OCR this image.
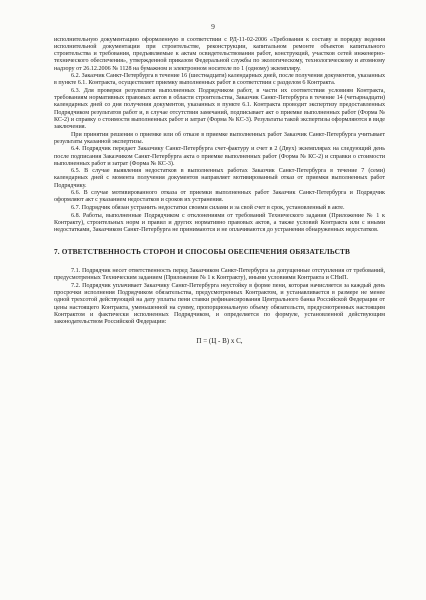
9

исполнительную документацию оформленную в соответствии с РД-11-02-2006 «Требования к составу и порядку ведения исполнительной документации при строительстве, реконструкции, капитальном ремонте объектов капитального строительства и требования, предъявляемые к актам освидетельствования работ, конструкций, участков сетей инженерно-технического обеспечения», утвержденной приказом Федеральной службы по экологическому, технологическому и атомному надзору от 26.12.2006 № 1128 на бумажном и электронном носителе по 1 (одному) экземпляру.

6.2. Заказчик Санкт-Петербурга в течение 16 (шестнадцати) календарных дней, после получения документов, указанных в пункте 6.1. Контракта, осуществляет приемку выполненных работ в соответствии с разделом 6 Контракта.

6.3. Для проверки результатов выполненных Подрядчиком работ, в части их соответствия условиям Контракта, требованиям нормативных правовых актов в области строительства, Заказчик Санкт-Петербурга в течение 14 (четырнадцати) календарных дней со дня получения документов, указанных в пункте 6.1. Контракта проводит экспертизу предоставленных Подрядчиком результатов работ и, в случае отсутствия замечаний, подписывает акт о приемке выполненных работ (Форма № КС-2) и справку о стоимости выполненных работ и затрат (Форма № КС-3). Результаты такой экспертизы оформляются в виде заключения.

При принятии решения о приемке или об отказе в приемке выполненных работ Заказчик Санкт-Петербурга учитывает результаты указанной экспертизы.

6.4. Подрядчик передает Заказчику Санкт-Петербурга счет-фактуру и счет в 2 (Двух) экземплярах на следующий день после подписания Заказчиком Санкт-Петербурга акта о приемке выполненных работ (Форма № КС-2) и справки о стоимости выполненных работ и затрат (Форма № КС-3).

6.5. В случае выявления недостатков в выполненных работах Заказчик Санкт-Петербурга в течение 7 (семи) календарных дней с момента получения документов направляет мотивированный отказ от приемки выполненных работ Подрядчику.

6.6. В случае мотивированного отказа от приемки выполненных работ Заказчик Санкт-Петербурга и Подрядчик оформляют акт с указанием недостатков и сроков их устранения.

6.7. Подрядчик обязан устранить недостатки своими силами и за свой счет в срок, установленный в акте.

6.8. Работы, выполненные Подрядчиком с отклонениями от требований Технического задания (Приложение № 1 к Контракту), строительных норм и правил и других нормативно правовых актов, а также условий Контракта или с иными недостатками, Заказчиком Санкт-Петербурга не принимаются и не оплачиваются до устранения обнаруженных недостатков.

7. ОТВЕТСТВЕННОСТЬ СТОРОН И СПОСОБЫ ОБЕСПЕЧЕНИЯ ОБЯЗАТЕЛЬСТВ

7.1. Подрядчик несет ответственность перед Заказчиком Санкт-Петербурга за допущенные отступления от требований, предусмотренных Техническим заданием (Приложение № 1 к Контракту), иными условиями Контракта и СНиП.

7.2. Подрядчик уплачивает Заказчику Санкт-Петербурга неустойку в форме пени, которая начисляется за каждый день просрочки исполнения Подрядчиком обязательства, предусмотренных Контрактом, и устанавливается в размере не менее одной трехсотой действующей на дату уплаты пени ставки рефинансирования Центрального банка Российской Федерации от цены настоящего Контракта, уменьшенной на сумму, пропорциональную объему обязательств, предусмотренных настоящим Контрактом и фактически исполненных Подрядчиком, и определяется по формуле, установленной действующим законодательством Российской Федерации:

П = (Ц - В) х С,
